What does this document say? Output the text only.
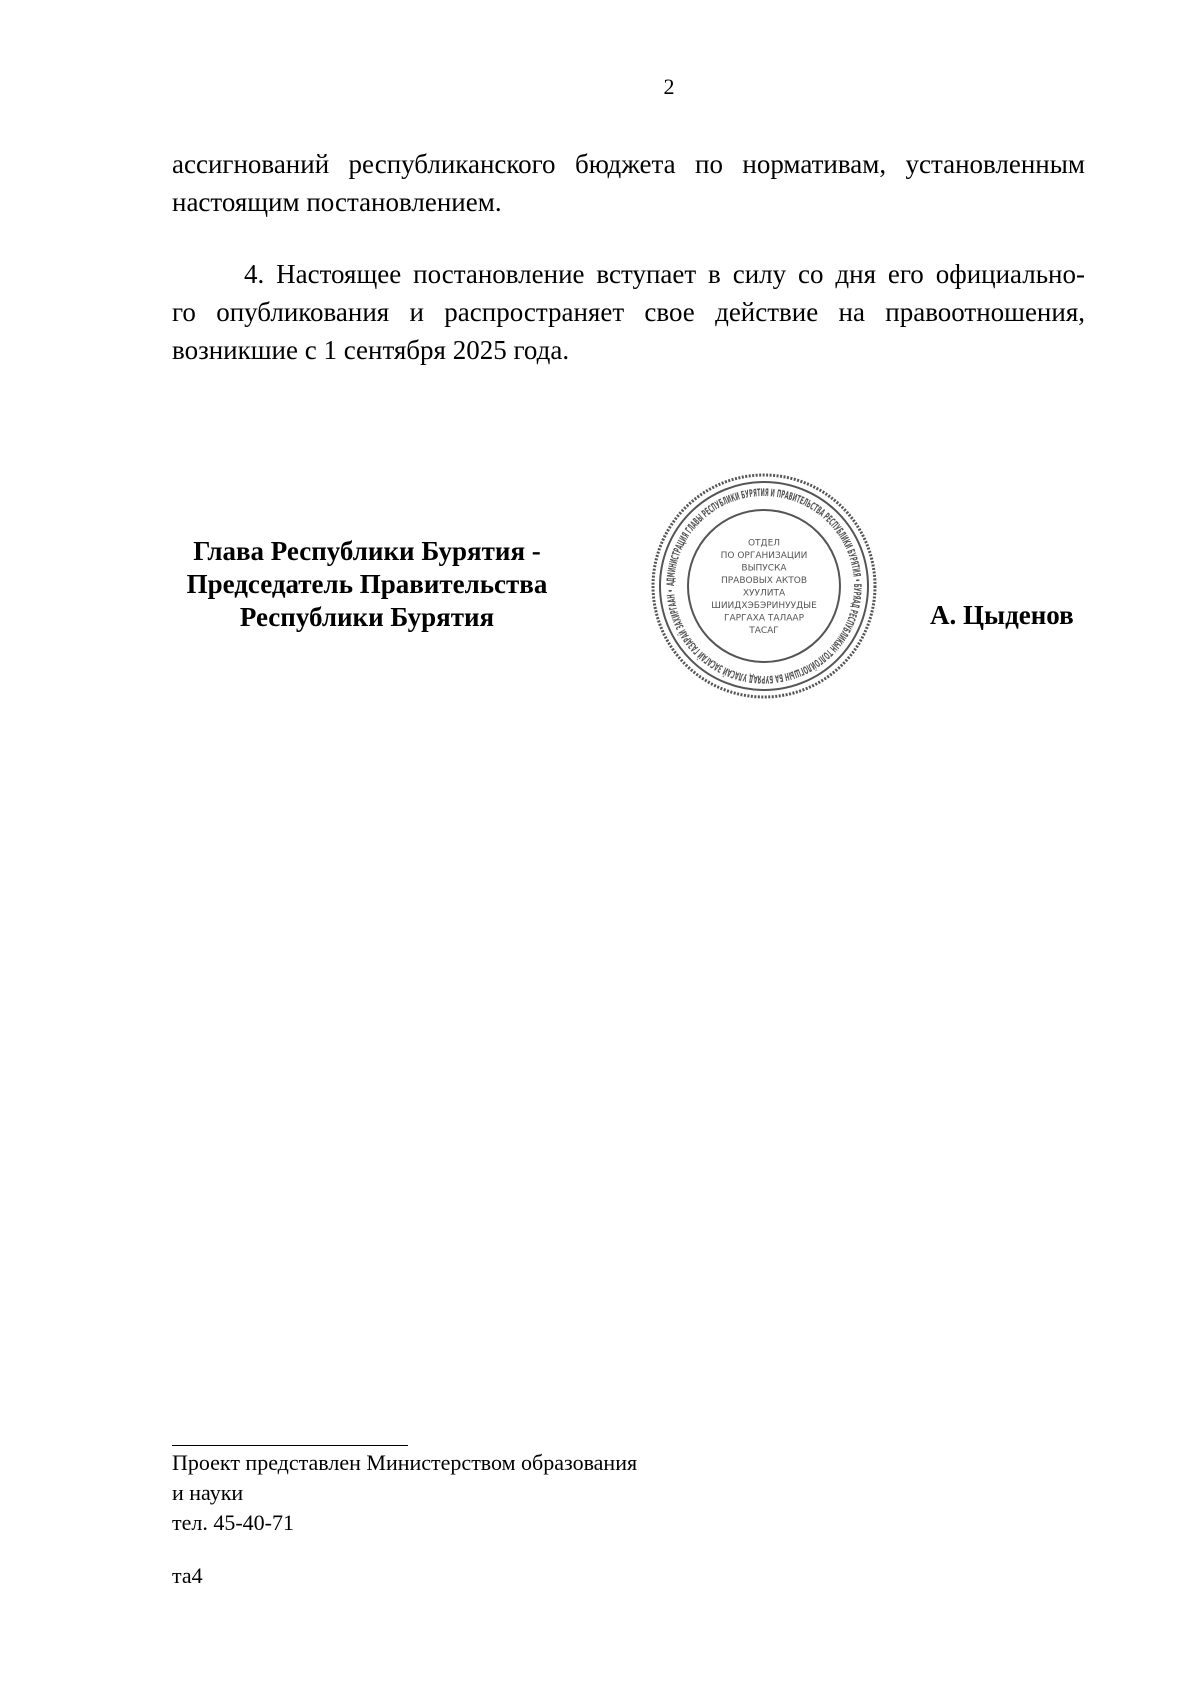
2
ассигнований республиканского бюджета по нормативам, установленным
настоящим постановлением.
4. Настоящее постановление вступает в силу со дня его официально-
го опубликования и распространяет свое действие на правоотношения,
возникшие с 1 сентября 2025 года.
Глава Республики Бурятия -
Председатель Правительства
Республики Бурятия
АДМИНИСТРАЦИЯ ГЛАВЫ РЕСПУБЛИКИ БУРЯТИЯ И ПРАВИТЕЛЬСТВА РЕСПУБЛИКИ БУРЯТИЯ • БУРЯАД РЕСПУБЛИКЫН ТОЛГОЙЛОГШЫН БА БУРЯАД УЛАСАЙ ЗАСАГАЙ ГАЗАРАЙ ЗАХИРГААН •
ОТДЕЛ
ПО ОРГАНИЗАЦИИ
ВЫПУСКА
ПРАВОВЫХ АКТОВ
ХУУЛИТА
ШИИДХЭБЭРИНУУДЫЕ
ГАРГАХА ТАЛААР
ТАСАГ
А. Цыденов
Проект представлен Министерством образования
и науки
тел. 45-40-71
та4
